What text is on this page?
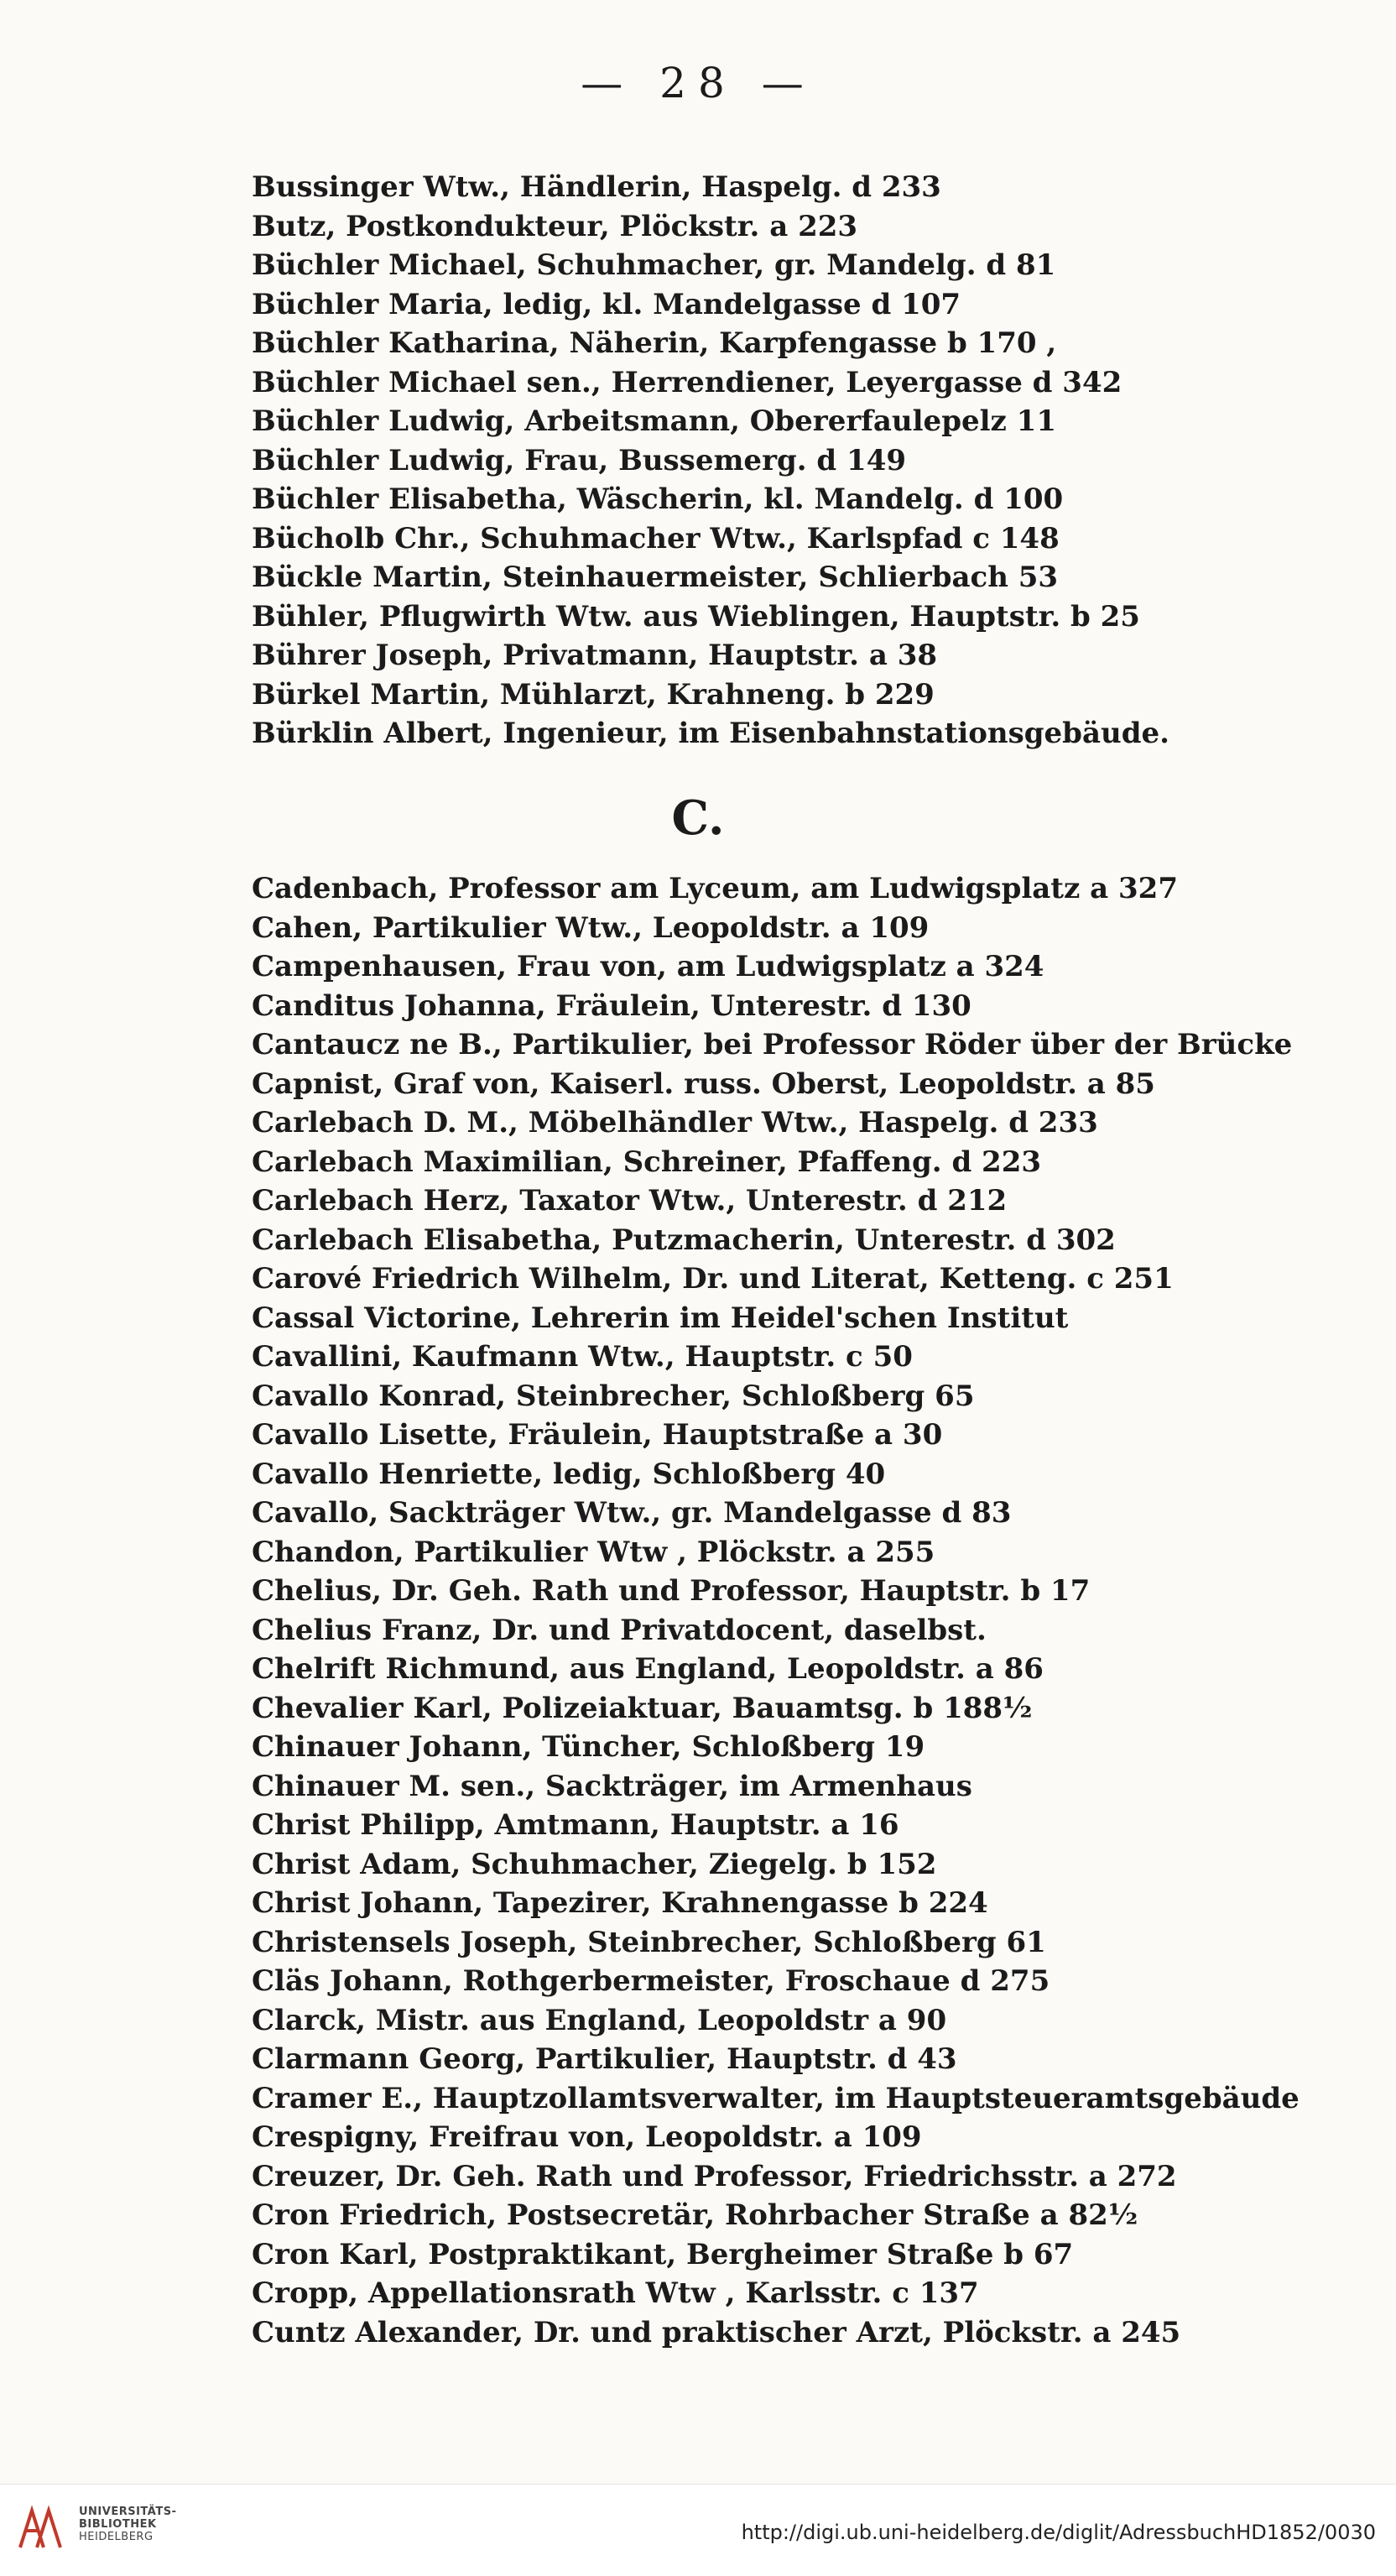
— 28 —
Bussinger Wtw., Händlerin, Haspelg. d 233
Butz, Postkondukteur, Plöckstr. a 223
Büchler Michael, Schuhmacher, gr. Mandelg. d 81
Büchler Maria, ledig, kl. Mandelgasse d 107
Büchler Katharina, Näherin, Karpfengasse b 170 ,
Büchler Michael sen., Herrendiener, Leyergasse d 342
Büchler Ludwig, Arbeitsmann, Obererfaulepelz 11
Büchler Ludwig, Frau, Bussemerg. d 149
Büchler Elisabetha, Wäscherin, kl. Mandelg. d 100
Bücholb Chr., Schuhmacher Wtw., Karlspfad c 148
Bückle Martin, Steinhauermeister, Schlierbach 53
Bühler, Pflugwirth Wtw. aus Wieblingen, Hauptstr. b 25
Bührer Joseph, Privatmann, Hauptstr. a 38
Bürkel Martin, Mühlarzt, Krahneng. b 229
Bürklin Albert, Ingenieur, im Eisenbahnstationsgebäude.
C.
Cadenbach, Professor am Lyceum, am Ludwigsplatz a 327
Cahen, Partikulier Wtw., Leopoldstr. a 109
Campenhausen, Frau von, am Ludwigsplatz a 324
Canditus Johanna, Fräulein, Unterestr. d 130
Cantaucz ne B., Partikulier, bei Professor Röder über der Brücke
Capnist, Graf von, Kaiserl. russ. Oberst, Leopoldstr. a 85
Carlebach D. M., Möbelhändler Wtw., Haspelg. d 233
Carlebach Maximilian, Schreiner, Pfaffeng. d 223
Carlebach Herz, Taxator Wtw., Unterestr. d 212
Carlebach Elisabetha, Putzmacherin, Unterestr. d 302
Carové Friedrich Wilhelm, Dr. und Literat, Ketteng. c 251
Cassal Victorine, Lehrerin im Heidel'schen Institut
Cavallini, Kaufmann Wtw., Hauptstr. c 50
Cavallo Konrad, Steinbrecher, Schloßberg 65
Cavallo Lisette, Fräulein, Hauptstraße a 30
Cavallo Henriette, ledig, Schloßberg 40
Cavallo, Sackträger Wtw., gr. Mandelgasse d 83
Chandon, Partikulier Wtw , Plöckstr. a 255
Chelius, Dr. Geh. Rath und Professor, Hauptstr. b 17
Chelius Franz, Dr. und Privatdocent, daselbst.
Chelrift Richmund, aus England, Leopoldstr. a 86
Chevalier Karl, Polizeiaktuar, Bauamtsg. b 188½
Chinauer Johann, Tüncher, Schloßberg 19
Chinauer M. sen., Sackträger, im Armenhaus
Christ Philipp, Amtmann, Hauptstr. a 16
Christ Adam, Schuhmacher, Ziegelg. b 152
Christ Johann, Tapezirer, Krahnengasse b 224
Christensels Joseph, Steinbrecher, Schloßberg 61
Cläs Johann, Rothgerbermeister, Froschaue d 275
Clarck, Mistr. aus England, Leopoldstr a 90
Clarmann Georg, Partikulier, Hauptstr. d 43
Cramer E., Hauptzollamtsverwalter, im Hauptsteueramtsgebäude
Crespigny, Freifrau von, Leopoldstr. a 109
Creuzer, Dr. Geh. Rath und Professor, Friedrichsstr. a 272
Cron Friedrich, Postsecretär, Rohrbacher Straße a 82½
Cron Karl, Postpraktikant, Bergheimer Straße b 67
Cropp, Appellationsrath Wtw , Karlsstr. c 137
Cuntz Alexander, Dr. und praktischer Arzt, Plöckstr. a 245
UNIVERSITÄTS-
BIBLIOTHEK
HEIDELBERG	http://digi.ub.uni-heidelberg.de/diglit/AdressbuchHD1852/0030
